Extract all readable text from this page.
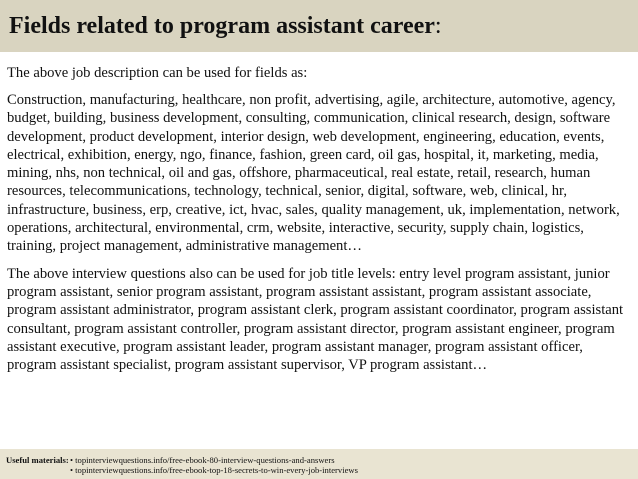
Fields related to program assistant career:

The above job description can be used for fields as:

Construction, manufacturing, healthcare, non profit, advertising, agile, architecture, automotive, agency, budget, building, business development, consulting, communication, clinical research, design, software development, product development, interior design, web development, engineering, education, events, electrical, exhibition, energy, ngo, finance, fashion, green card, oil gas, hospital, it, marketing, media, mining, nhs, non technical, oil and gas, offshore, pharmaceutical, real estate, retail, research, human resources, telecommunications, technology, technical, senior, digital, software, web, clinical, hr, infrastructure, business, erp, creative, ict, hvac, sales, quality management, uk, implementation, network, operations, architectural, environmental, crm, website, interactive, security, supply chain, logistics, training, project management, administrative management…

The above interview questions also can be used for job title levels: entry level program assistant, junior program assistant, senior program assistant, program assistant assistant, program assistant associate, program assistant administrator, program assistant clerk, program assistant coordinator, program assistant consultant, program assistant controller, program assistant director, program assistant engineer, program assistant executive, program assistant leader, program assistant manager, program assistant officer, program assistant specialist, program assistant supervisor, VP program assistant…

Useful materials: • topinterviewquestions.info/free-ebook-80-interview-questions-and-answers
• topinterviewquestions.info/free-ebook-top-18-secrets-to-win-every-job-interviews
